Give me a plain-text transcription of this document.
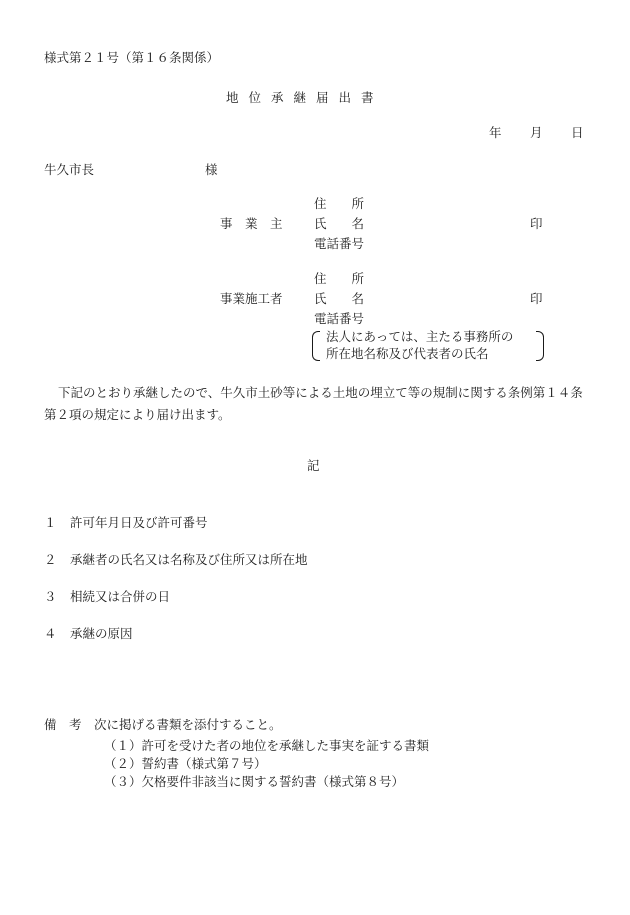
様式第２１号（第１６条関係）
地位承継届出書
年 月 日
牛久市長	様
住　　所
事　業　主	氏　　名	印
電話番号
住　　所
事業施工者	氏　　名	印
電話番号
法人にあっては、主たる事務所の
所在地名称及び代表者の氏名
下記のとおり承継したので、牛久市土砂等による土地の埋立て等の規制に関する条例第１４条第２項の規定により届け出ます。
記
１ 許可年月日及び許可番号
２ 承継者の氏名又は名称及び住所又は所在地
３ 相続又は合併の日
４ 承継の原因
備　考　次に掲げる書類を添付すること。
（１）許可を受けた者の地位を承継した事実を証する書類
（２）誓約書（様式第７号）
（３）欠格要件非該当に関する誓約書（様式第８号）
